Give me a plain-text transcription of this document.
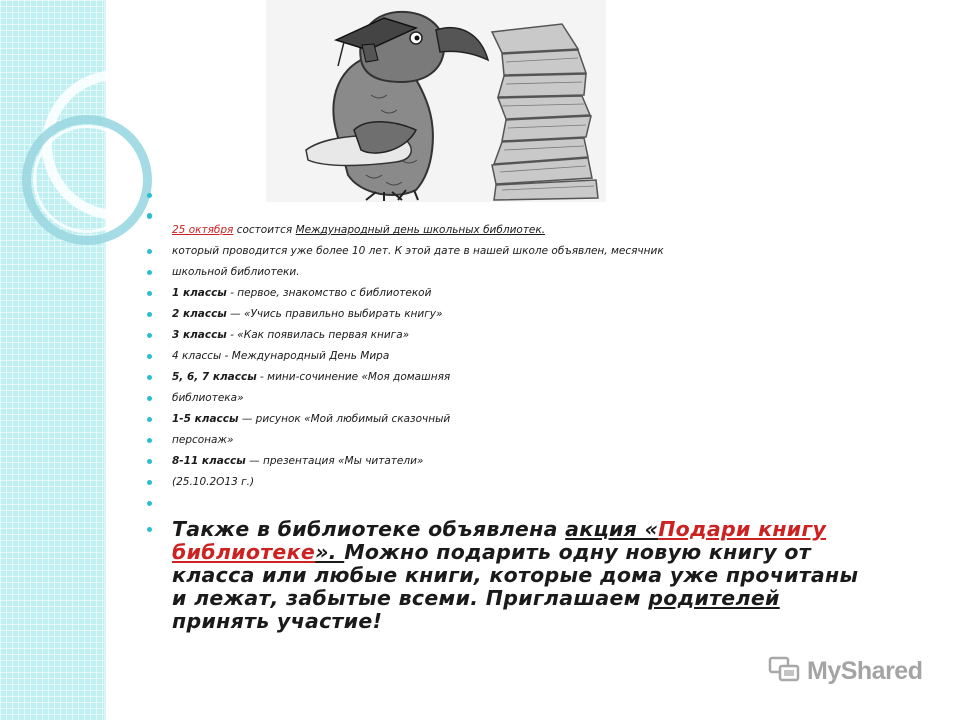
25 октября состоится Международный день школьных библиотек.
который проводится уже более 10 лет. К этой дате в нашей школе объявлен, месячник
школьной библиотеки.
1 классы - первое, знакомство с библиотекой
2 классы — «Учись правильно выбирать книгу»
3 классы - «Как появилась первая книга»
4 классы - Международный День Мира
5, 6, 7 классы - мини-сочинение «Моя домашняя
библиотека»
1-5 классы — рисунок «Мой любимый сказочный
персонаж»
8-11 классы — презентация «Мы читатели»
(25.10.2О13 г.)
Также в библиотеке объявлена акция «Подари книгу библиотеке». Можно подарить одну новую книгу от класса или любые книги, которые дома уже прочитаны и лежат, забытые всеми. Приглашаем родителей принять участие!
MyShared
